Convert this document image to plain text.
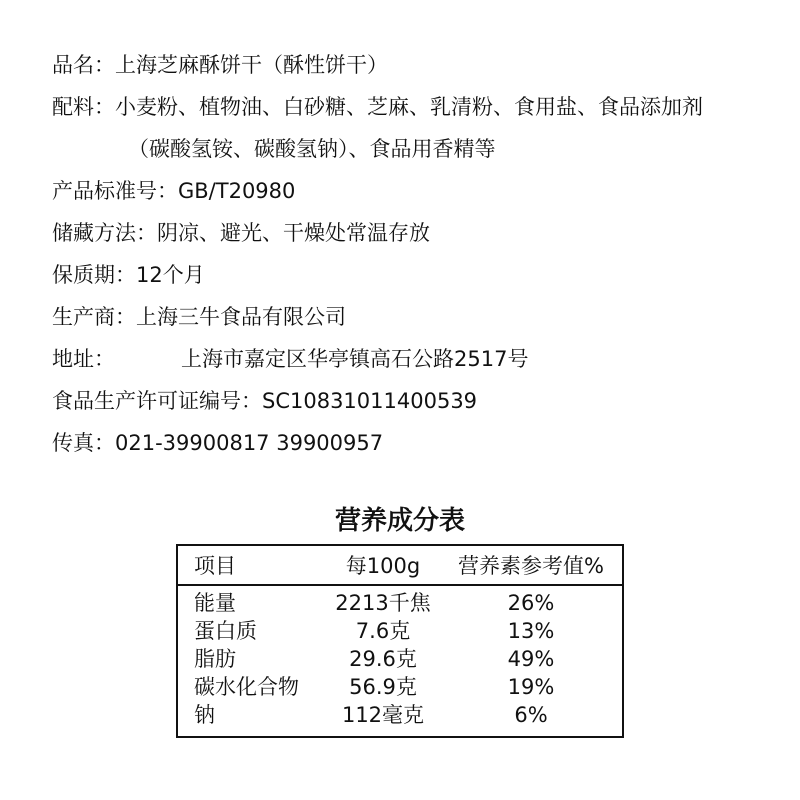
品名：上海芝麻酥饼干（酥性饼干）
配料：小麦粉、植物油、白砂糖、芝麻、乳清粉、食用盐、食品添加剂
（碳酸氢铵、碳酸氢钠）、食品用香精等
产品标准号：GB/T20980
储藏方法：阴凉、避光、干燥处常温存放
保质期：12个月
生产商：上海三牛食品有限公司
地址：	上海市嘉定区华亭镇高石公路2517号
食品生产许可证编号：SC10831011400539
传真：021-39900817 39900957
营养成分表
项目	每100g	营养素参考值%
能量	2213千焦	26%
蛋白质	7.6克	13%
脂肪	29.6克	49%
碳水化合物	56.9克	19%
钠	112毫克	6%
